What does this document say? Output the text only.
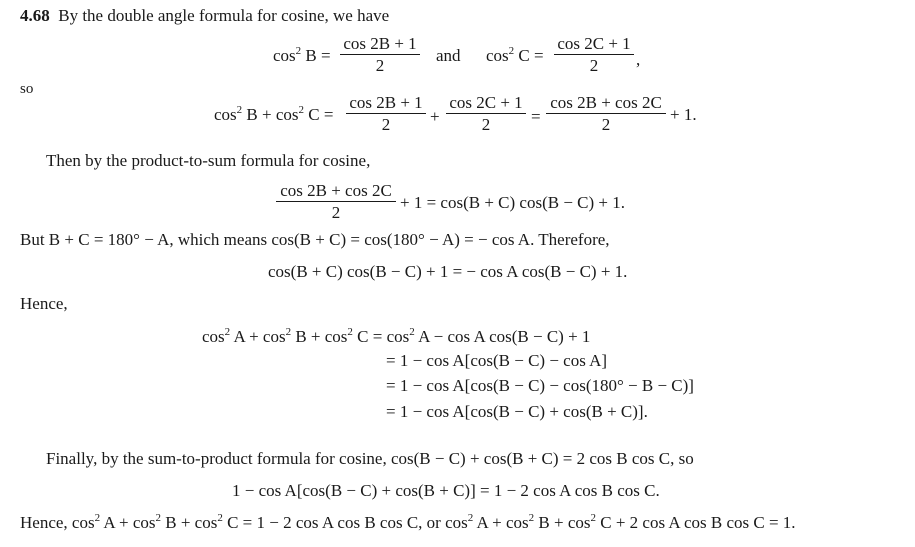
4.68 By the double angle formula for cosine, we have
$\cos^2 B = \frac{\cos 2B + 1}{2}$ and $\cos^2 C = \frac{\cos 2C + 1}{2}$ ,
so
$\cos^2 B + \cos^2 C = \frac{\cos 2B + 1}{2} + \frac{\cos 2C + 1}{2} = \frac{\cos 2B + \cos 2C}{2} + 1$.
Then by the product-to-sum formula for cosine,
$\frac{\cos 2B + \cos 2C}{2} + 1 = \cos(B + C) \cos(B - C) + 1$.
But B + C = 180° − A, which means cos(B + C) = cos(180° − A) = − cos A. Therefore,
cos(B + C) cos(B − C) + 1 = − cos A cos(B − C) + 1.
Hence,
$\cos^2 A + \cos^2 B + \cos^2 C = \cos^2 A - \cos A$ cos(B − C) + 1
= 1 − cos A[cos(B − C) − cos A]
= 1 − cos A[cos(B − C) − cos(180° − B − C)]
= 1 − cos A[cos(B − C) + cos(B + C)].
Finally, by the sum-to-product formula for cosine, cos(B − C) + cos(B + C) = 2 cos B cos C, so
1 − cos A[cos(B − C) + cos(B + C)] = 1 − 2 cos A cos B cos C.
Hence, $\cos^2 A + \cos^2 B + \cos^2 C = 1 - 2$ cos A cos B cos C, or $\cos^2 A + \cos^2 B + \cos^2 C + 2$ cos A cos B cos C = 1.
